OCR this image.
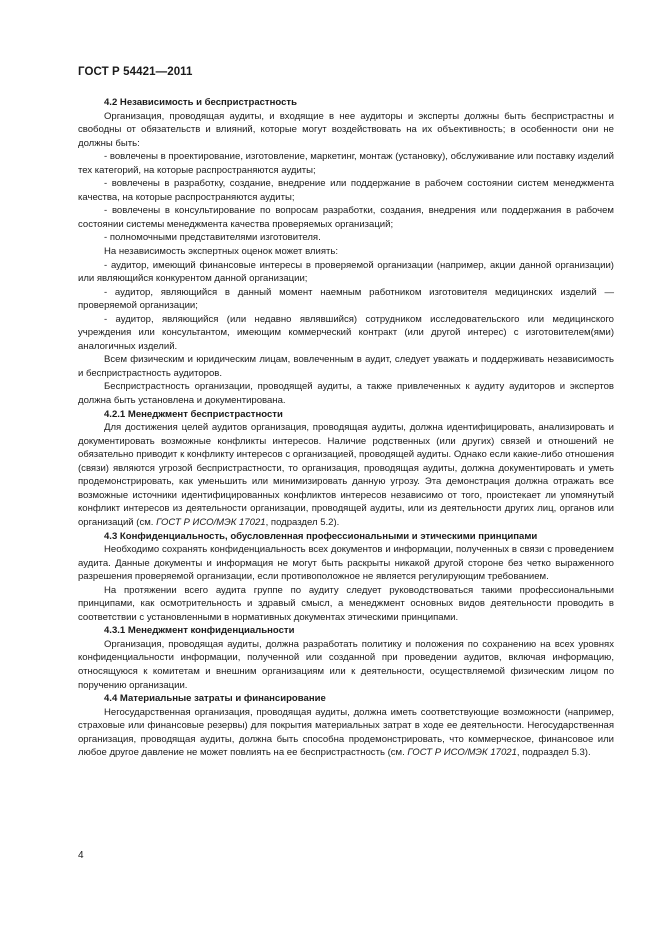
ГОСТ Р 54421—2011
4.2 Независимость и беспристрастность

Организация, проводящая аудиты, и входящие в нее аудиторы и эксперты должны быть беспристрастны и свободны от обязательств и влияний, которые могут воздействовать на их объективность; в особенности они не должны быть:

- вовлечены в проектирование, изготовление, маркетинг, монтаж (установку), обслуживание или поставку изделий тех категорий, на которые распространяются аудиты;

- вовлечены в разработку, создание, внедрение или поддержание в рабочем состоянии систем менеджмента качества, на которые распространяются аудиты;

- вовлечены в консультирование по вопросам разработки, создания, внедрения или поддержания в рабочем состоянии системы менеджмента качества проверяемых организаций;

- полномочными представителями изготовителя.

На независимость экспертных оценок может влиять:

- аудитор, имеющий финансовые интересы в проверяемой организации (например, акции данной организации) или являющийся конкурентом данной организации;

- аудитор, являющийся в данный момент наемным работником изготовителя медицинских изделий — проверяемой организации;

- аудитор, являющийся (или недавно являвшийся) сотрудником исследовательского или медицинского учреждения или консультантом, имеющим коммерческий контракт (или другой интерес) с изготовителем(ями) аналогичных изделий.

Всем физическим и юридическим лицам, вовлеченным в аудит, следует уважать и поддерживать независимость и беспристрастность аудиторов.

Беспристрастность организации, проводящей аудиты, а также привлеченных к аудиту аудиторов и экспертов должна быть установлена и документирована.

4.2.1 Менеджмент беспристрастности

Для достижения целей аудитов организация, проводящая аудиты, должна идентифицировать, анализировать и документировать возможные конфликты интересов. Наличие родственных (или других) связей и отношений не обязательно приводит к конфликту интересов с организацией, проводящей аудиты. Однако если какие-либо отношения (связи) являются угрозой беспристрастности, то организация, проводящая аудиты, должна документировать и уметь продемонстрировать, как уменьшить или минимизировать данную угрозу. Эта демонстрация должна отражать все возможные источники идентифицированных конфликтов интересов независимо от того, проистекает ли упомянутый конфликт интересов из деятельности организации, проводящей аудиты, или из деятельности других лиц, органов или организаций (см. ГОСТ Р ИСО/МЭК 17021, подраздел 5.2).

4.3 Конфиденциальность, обусловленная профессиональными и этическими принципами

Необходимо сохранять конфиденциальность всех документов и информации, полученных в связи с проведением аудита. Данные документы и информация не могут быть раскрыты никакой другой стороне без четко выраженного разрешения проверяемой организации, если противоположное не является регулирующим требованием.

На протяжении всего аудита группе по аудиту следует руководствоваться такими профессиональными принципами, как осмотрительность и здравый смысл, а менеджмент основных видов деятельности проводить в соответствии с установленными в нормативных документах этическими принципами.

4.3.1 Менеджмент конфиденциальности

Организация, проводящая аудиты, должна разработать политику и положения по сохранению на всех уровнях конфиденциальности информации, полученной или созданной при проведении аудитов, включая информацию, относящуюся к комитетам и внешним организациям или к деятельности, осуществляемой физическим лицом по поручению организации.

4.4 Материальные затраты и финансирование

Негосударственная организация, проводящая аудиты, должна иметь соответствующие возможности (например, страховые или финансовые резервы) для покрытия материальных затрат в ходе ее деятельности. Негосударственная организация, проводящая аудиты, должна быть способна продемонстрировать, что коммерческое, финансовое или любое другое давление не может повлиять на ее беспристрастность (см. ГОСТ Р ИСО/МЭК 17021, подраздел 5.3).

4
